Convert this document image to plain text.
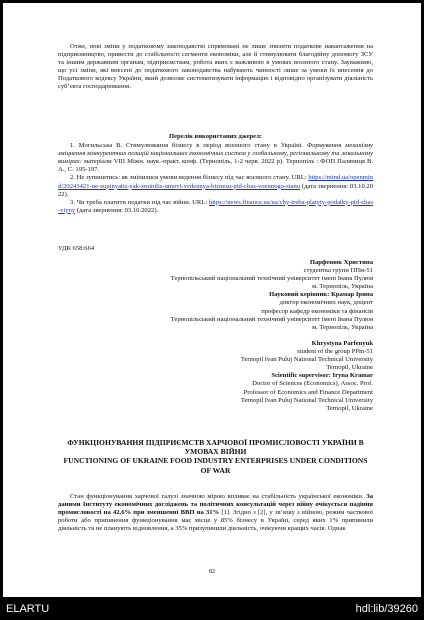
Отже, нові зміни у податковому законодавстві спрямовані не лише знизити податкове навантаження на підприємництво, привести до стабільності сегменти економіки, але й стимулювати благодійну допомогу ЗСУ та іншим державним органам, підприємствам, робота яких є важливою в умовах воєнного стану. Зауважимо, що усі зміни, які внесені до податкового законодавства набувають чинності лише за умови їх внесення до Податкового кодексу України, який дозволяє систематизувати інформацію і відповідно організувати діяльність суб’єкта господарювання.

Перелік використаних джерел:

1. Могильська В. Стимулювання бізнесу в період воєнного стану в Україні. Формування механізму зміцнення конкурентних позицій національних економічних систем у глобальному, регіональному та локальному вимірах: матеріали VIII Міжн. наук.-практ. конф. (Тернопіль, 1-2 черв. 2022 р). Тернопіль : ФОП Паляниця В. А., С. 195-197.

2. Не зупинитись: як змінилися умови ведення бізнесу під час воєнного стану. URL: https://mind.ua/openmind/20243421-ne-zupinyatis-yak-zminilis-umovi-vedennya-biznesu-pid-chas-voennogo-stanu (дата звернення: 03.10.2022).

3. Чи треба платити податки під час війни. URL: https://news.finance.ua/ua/chy-treba-platyty-podatky-pid-chas-viyny (дата звернення: 03.10.2022).

УДК 658:664

Парфенюк Христина

студентка групи ППм-51

Тернопільський національний технічний університет імені Івана Пулюя

м. Тернопіль, Україна

Науковий керівник: Крамар Ірина

доктор економічних наук, доцент

професор кафедр економіки та фінансів

Тернопільський національний технічний університет імені Івана Пулюя

м. Тернопіль, Україна

Khrystyna Parfenyuk

student of the group PPm-51

Ternopil Ivan Puluj National Technical University

Ternopil, Ukraine

Scientific supervisor: Iryna Kramar

Doctor of Sciences (Economics), Assoc. Prof.

Professor of Economics and Finance Department

Ternopil Ivan Puluj National Technical University

Ternopil, Ukraine

ФУНКЦІОНУВАННЯ ПІДПРИЄМСТВ ХАРЧОВОЇ ПРОМИСЛОВОСТІ УКРАЇНИ В УМОВАХ ВІЙНИ

FUNCTIONING OF UKRAINE FOOD INDUSTRY ENTERPRISES UNDER CONDITIONS OF WAR

Стан функціонування харчової галузі значною мірою впливає на стабільність української економіки. За даними Інституту економічних досліджень та політичних консультацій через війну очікується падіння промисловості на 42,6% при зменшенні ВВП на 31% [1]. Згідно з [2], у зв’язку з війною, режим часткової роботи або припинення функціонування має місце у 85% бізнесу в Україні, серед яких 1% припинили діяльність та не планують відновлення, а 35% призупинили діяльність, очікуючи кращих часів. Однак

82
ELARTU	hdl:lib/39260
